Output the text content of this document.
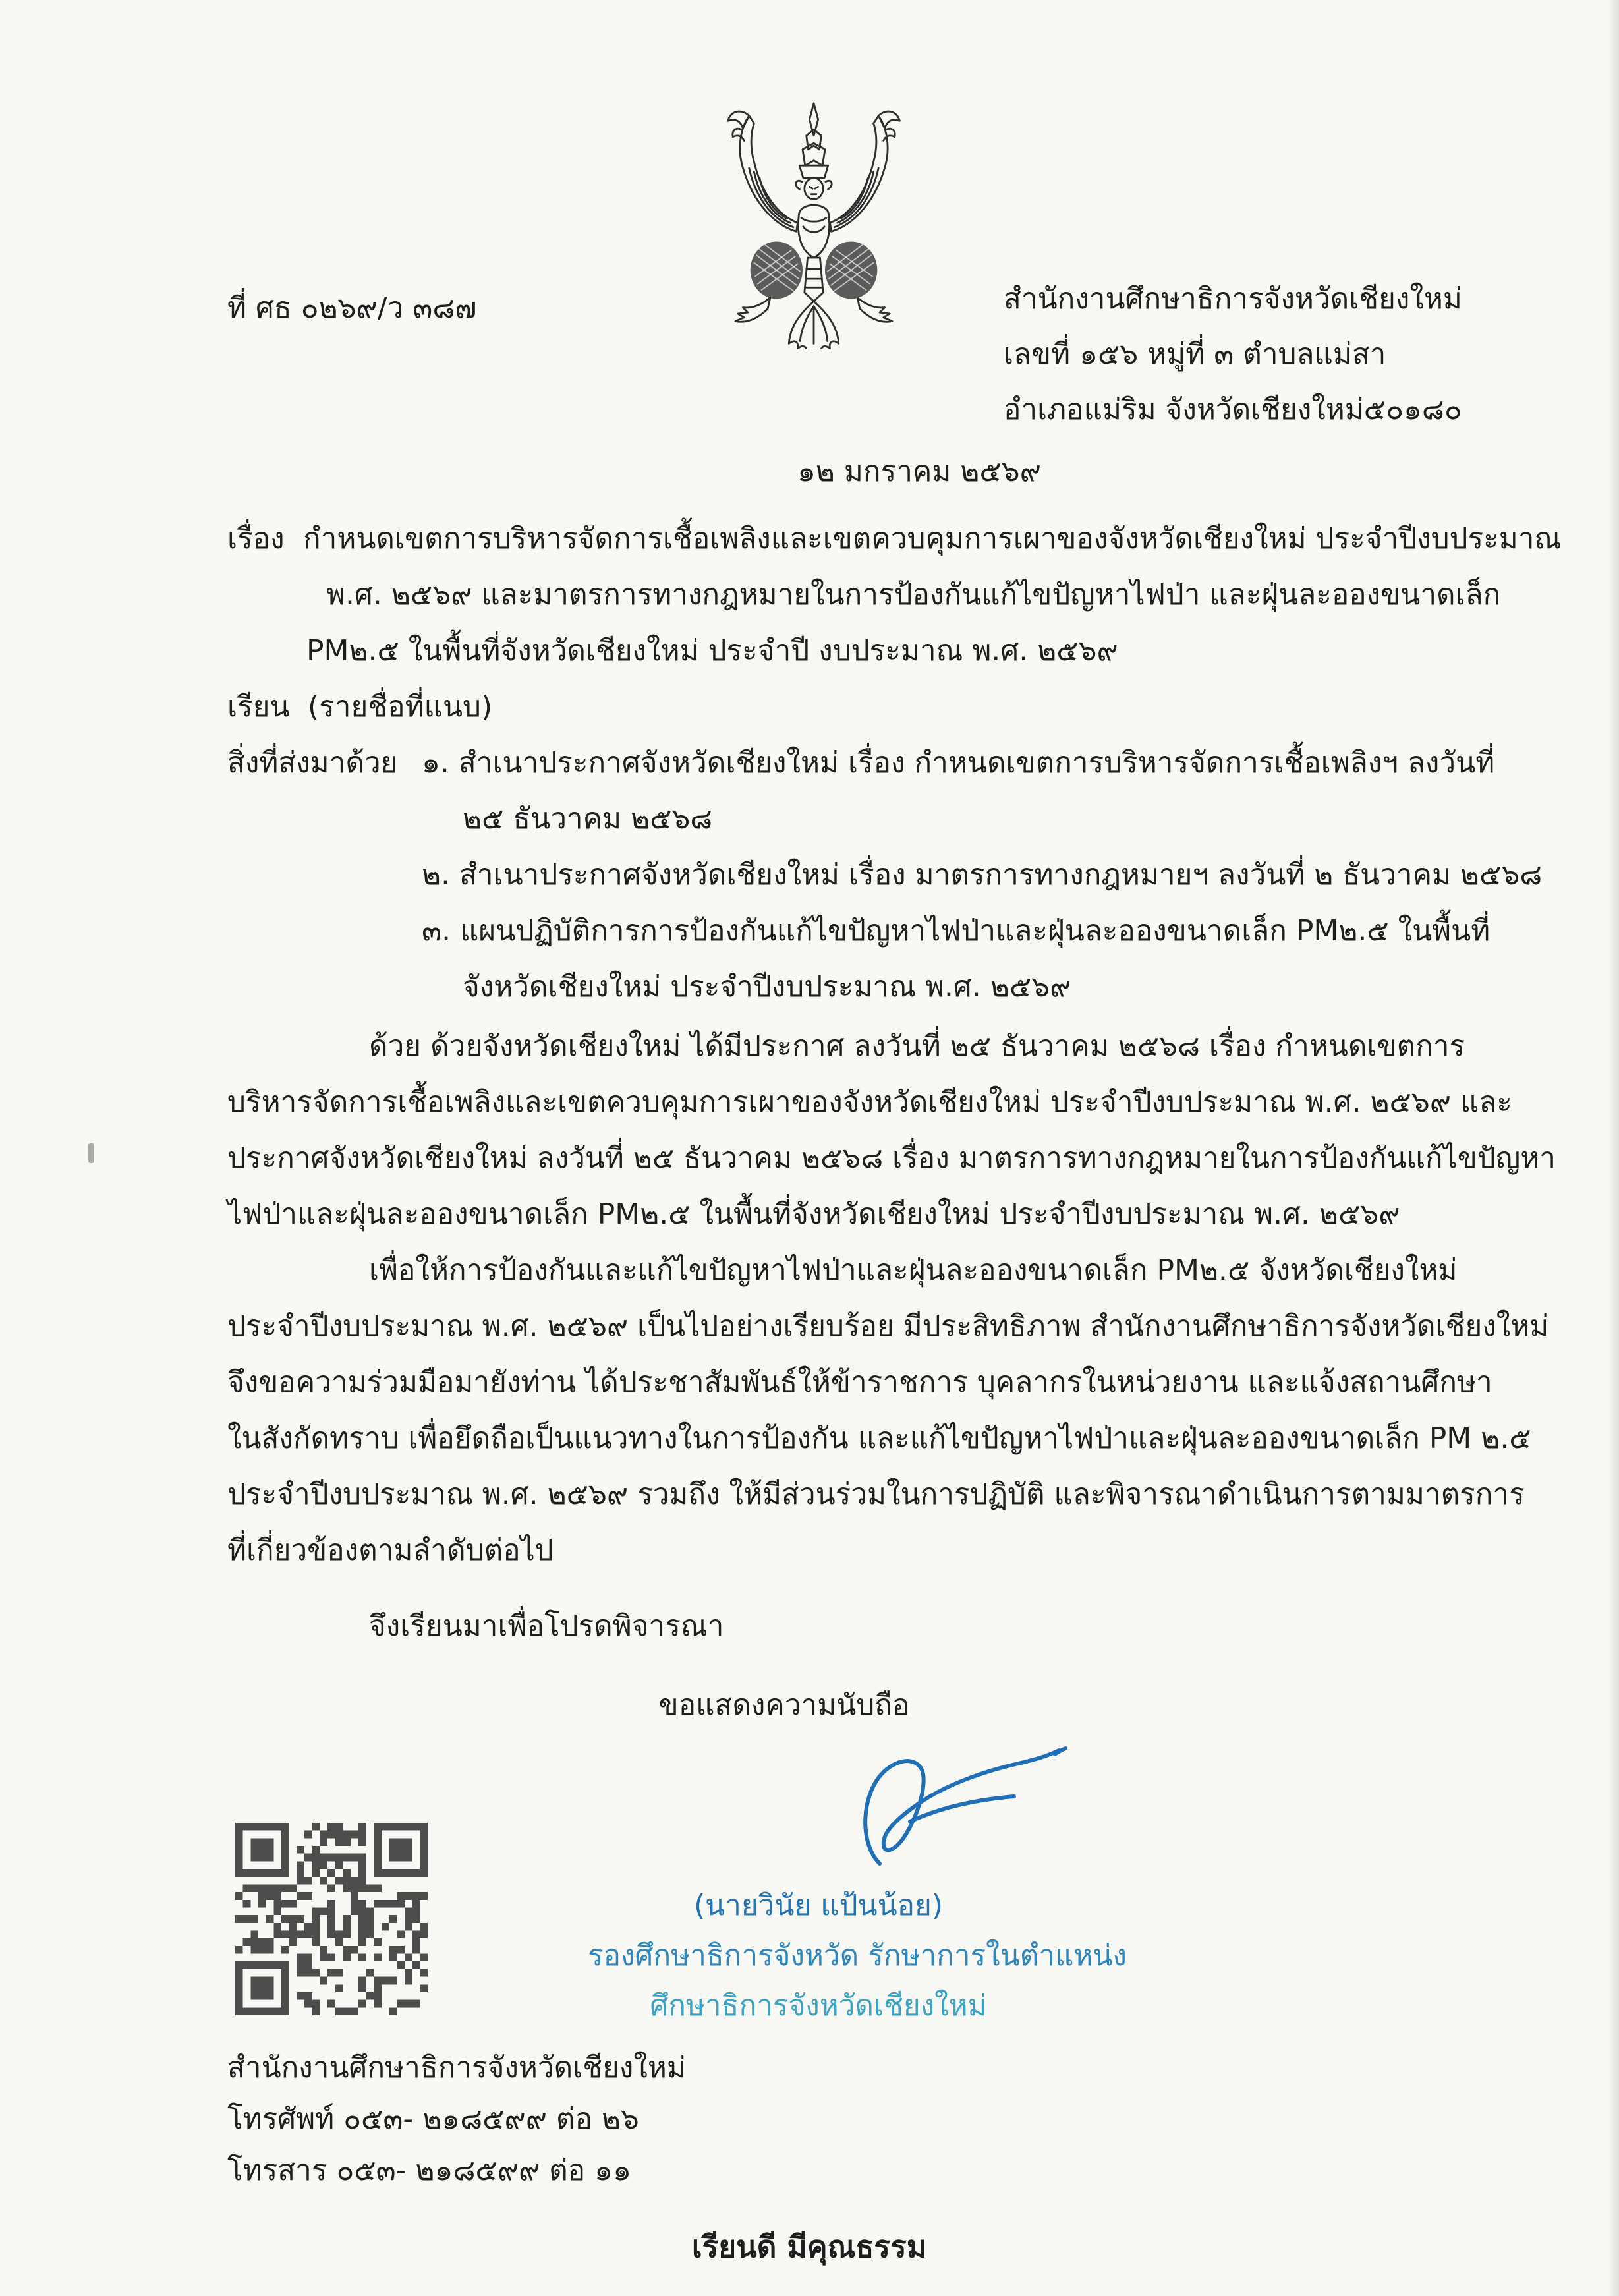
ที่ ศธ ๐๒๖๙/ว ๓๘๗	สำนักงานศึกษาธิการจังหวัดเชียงใหม่
เลขที่ ๑๕๖ หมู่ที่ ๓ ตำบลแม่สา
อำเภอแม่ริม จังหวัดเชียงใหม่๕๐๑๘๐
๑๒ มกราคม ๒๕๖๙
เรื่อง กำหนดเขตการบริหารจัดการเชื้อเพลิงและเขตควบคุมการเผาของจังหวัดเชียงใหม่ ประจำปีงบประมาณ
พ.ศ. ๒๕๖๙ และมาตรการทางกฎหมายในการป้องกันแก้ไขปัญหาไฟป่า และฝุ่นละอองขนาดเล็ก
PM๒.๕ ในพื้นที่จังหวัดเชียงใหม่ ประจำปี งบประมาณ พ.ศ. ๒๕๖๙
เรียน (รายชื่อที่แนบ)
สิ่งที่ส่งมาด้วย ๑. สำเนาประกาศจังหวัดเชียงใหม่ เรื่อง กำหนดเขตการบริหารจัดการเชื้อเพลิงฯ ลงวันที่
๒๕ ธันวาคม ๒๕๖๘
๒. สำเนาประกาศจังหวัดเชียงใหม่ เรื่อง มาตรการทางกฎหมายฯ ลงวันที่ ๒ ธันวาคม ๒๕๖๘
๓. แผนปฏิบัติการการป้องกันแก้ไขปัญหาไฟป่าและฝุ่นละอองขนาดเล็ก PM๒.๕ ในพื้นที่
จังหวัดเชียงใหม่ ประจำปีงบประมาณ พ.ศ. ๒๕๖๙
ด้วย ด้วยจังหวัดเชียงใหม่ ได้มีประกาศ ลงวันที่ ๒๕ ธันวาคม ๒๕๖๘ เรื่อง กำหนดเขตการ
บริหารจัดการเชื้อเพลิงและเขตควบคุมการเผาของจังหวัดเชียงใหม่ ประจำปีงบประมาณ พ.ศ. ๒๕๖๙ และ
ประกาศจังหวัดเชียงใหม่ ลงวันที่ ๒๕ ธันวาคม ๒๕๖๘ เรื่อง มาตรการทางกฎหมายในการป้องกันแก้ไขปัญหา
ไฟป่าและฝุ่นละอองขนาดเล็ก PM๒.๕ ในพื้นที่จังหวัดเชียงใหม่ ประจำปีงบประมาณ พ.ศ. ๒๕๖๙
เพื่อให้การป้องกันและแก้ไขปัญหาไฟป่าและฝุ่นละอองขนาดเล็ก PM๒.๕ จังหวัดเชียงใหม่
ประจำปีงบประมาณ พ.ศ. ๒๕๖๙ เป็นไปอย่างเรียบร้อย มีประสิทธิภาพ สำนักงานศึกษาธิการจังหวัดเชียงใหม่
จึงขอความร่วมมือมายังท่าน ได้ประชาสัมพันธ์ให้ข้าราชการ บุคลากรในหน่วยงาน และแจ้งสถานศึกษา
ในสังกัดทราบ เพื่อยึดถือเป็นแนวทางในการป้องกัน และแก้ไขปัญหาไฟป่าและฝุ่นละอองขนาดเล็ก PM ๒.๕
ประจำปีงบประมาณ พ.ศ. ๒๕๖๙ รวมถึง ให้มีส่วนร่วมในการปฏิบัติ และพิจารณาดำเนินการตามมาตรการ
ที่เกี่ยวข้องตามลำดับต่อไป
จึงเรียนมาเพื่อโปรดพิจารณา
ขอแสดงความนับถือ
(นายวินัย แป้นน้อย)
รองศึกษาธิการจังหวัด รักษาการในตำแหน่ง
ศึกษาธิการจังหวัดเชียงใหม่
สำนักงานศึกษาธิการจังหวัดเชียงใหม่
โทรศัพท์ ๐๕๓- ๒๑๘๕๙๙ ต่อ ๒๖
โทรสาร ๐๕๓- ๒๑๘๕๙๙ ต่อ ๑๑
เรียนดี มีคุณธรรม
